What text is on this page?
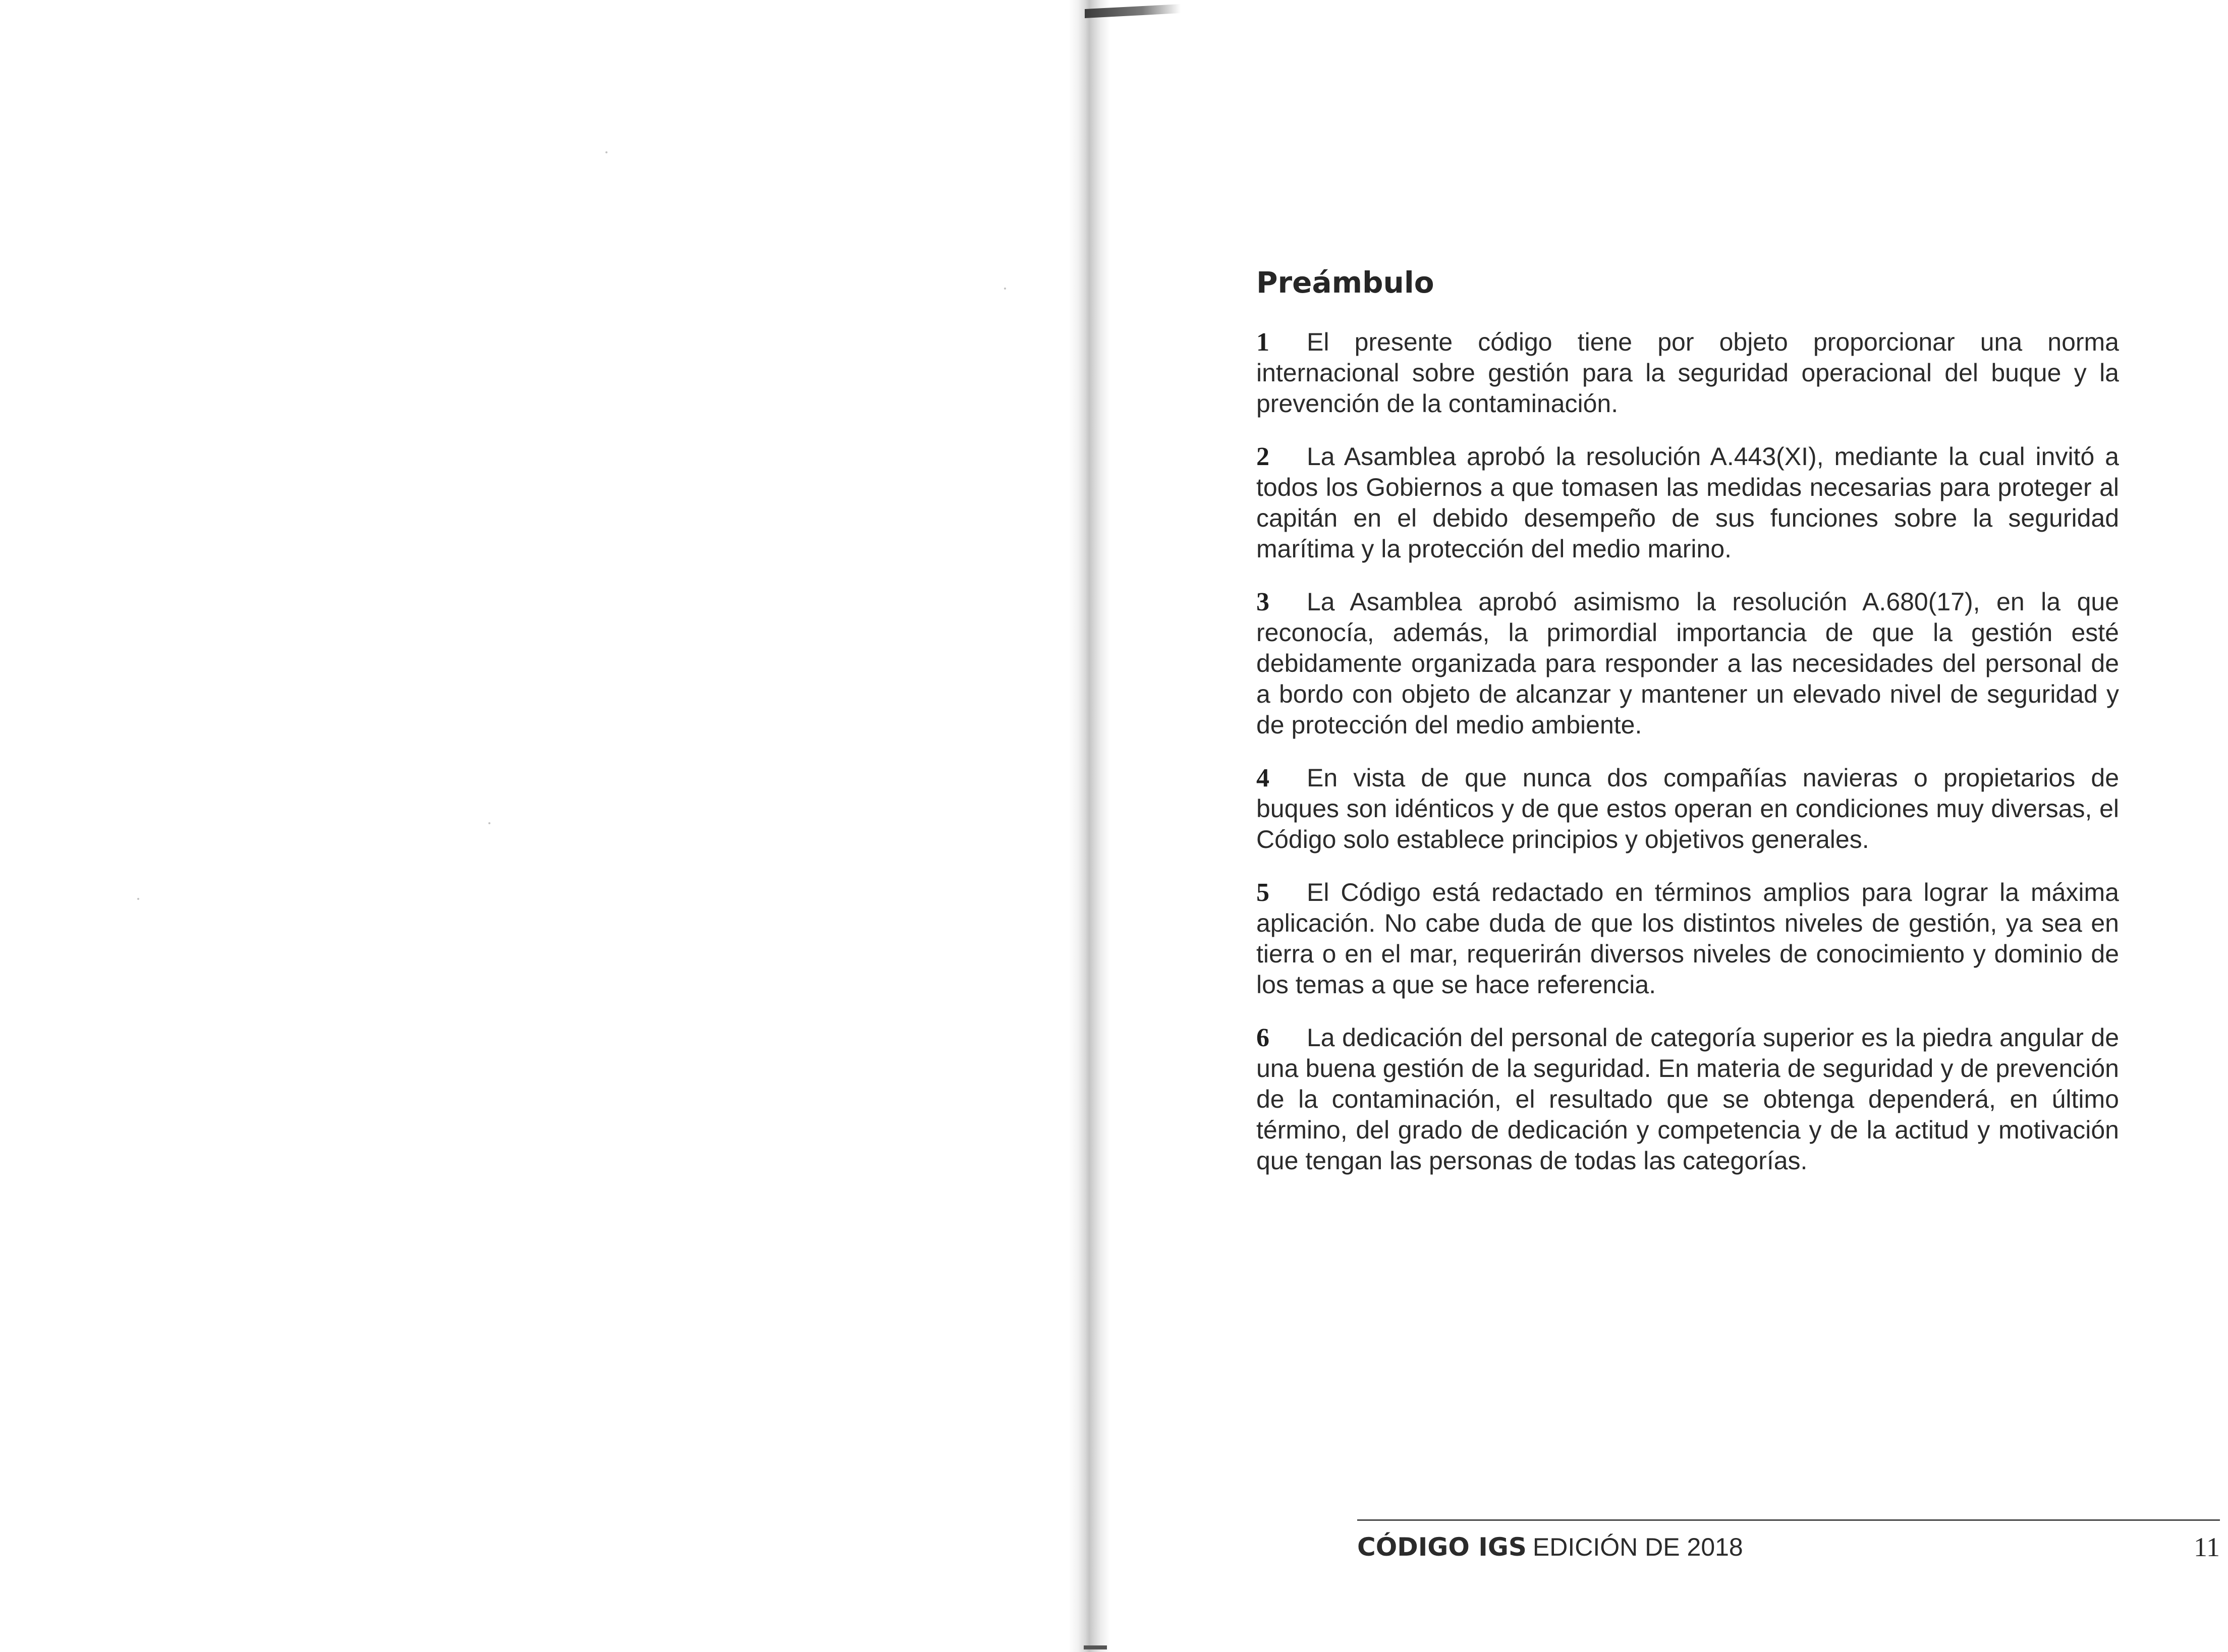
Preámbulo

1 El presente código tiene por objeto proporcionar una norma internacional sobre gestión para la seguridad operacional del buque y la prevención de la contaminación.

2 La Asamblea aprobó la resolución A.443(XI), mediante la cual invitó a todos los Gobiernos a que tomasen las medidas necesarias para proteger al capitán en el debido desempeño de sus funciones sobre la seguridad marítima y la protección del medio marino.

3 La Asamblea aprobó asimismo la resolución A.680(17), en la que reconocía, además, la primordial importancia de que la gestión esté debidamente organizada para responder a las necesidades del personal de a bordo con objeto de alcanzar y mantener un elevado nivel de seguridad y de protección del medio ambiente.

4 En vista de que nunca dos compañías navieras o propietarios de buques son idénticos y de que estos operan en condiciones muy diversas, el Código solo establece principios y objetivos generales.

5 El Código está redactado en términos amplios para lograr la máxima aplicación. No cabe duda de que los distintos niveles de gestión, ya sea en tierra o en el mar, requerirán diversos niveles de conocimiento y dominio de los temas a que se hace referencia.

6 La dedicación del personal de categoría superior es la piedra angular de una buena gestión de la seguridad. En materia de seguridad y de prevención de la contaminación, el resultado que se obtenga dependerá, en último término, del grado de dedicación y competencia y de la actitud y motivación que tengan las personas de todas las categorías.

CÓDIGO IGS EDICIÓN DE 2018	11
